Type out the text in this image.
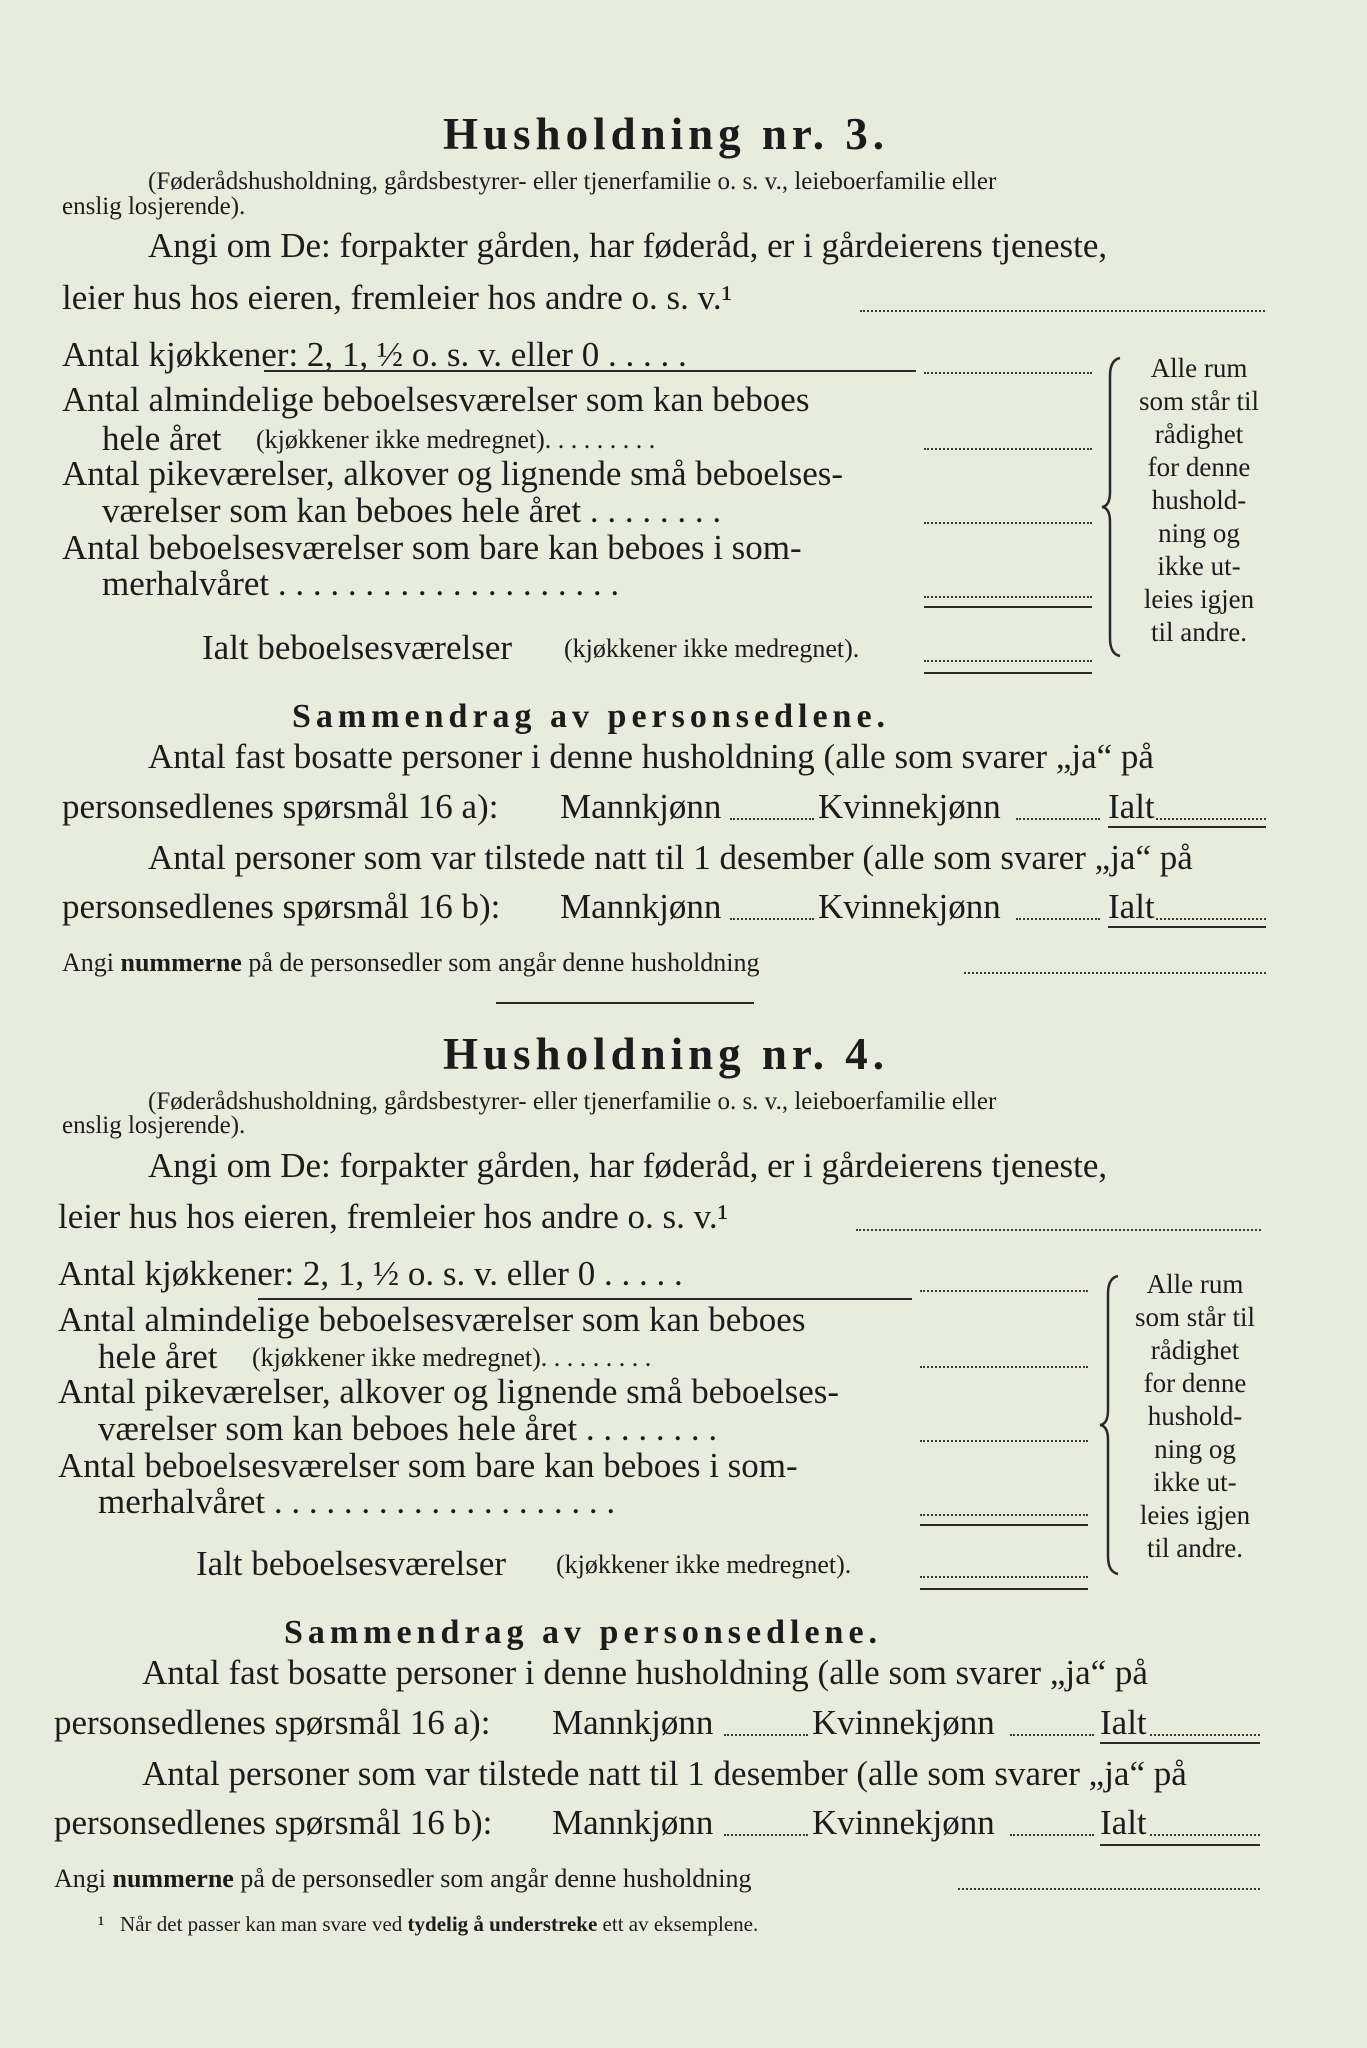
Husholdning nr. 3.
(Føderådshusholdning, gårdsbestyrer- eller tjenerfamilie o. s. v., leieboerfamilie eller
enslig losjerende).
Angi om De: forpakter gården, har føderåd, er i gårdeierens tjeneste,
leier hus hos eieren, fremleier hos andre o. s. v.¹
Antal kjøkkener: 2, 1, ½ o. s. v. eller 0 . . . . .
Antal almindelige beboelsesværelser som kan beboes
hele året (kjøkkener ikke medregnet). . . . . . . . .
Antal pikeværelser, alkover og lignende små beboelses-
værelser som kan beboes hele året . . . . . . . .
Antal beboelsesværelser som bare kan beboes i som-
merhalvåret . . . . . . . . . . . . . . . . . . . .
Ialt beboelsesværelser (kjøkkener ikke medregnet).
Alle rum
som står til
rådighet
for denne
hushold-
ning og
ikke ut-
leies igjen
til andre.
Sammendrag av personsedlene.
Antal fast bosatte personer i denne husholdning (alle som svarer „ja“ på
personsedlenes spørsmål 16 a): Mannkjønn	Kvinnekjønn	Ialt
Antal personer som var tilstede natt til 1 desember (alle som svarer „ja“ på
personsedlenes spørsmål 16 b): Mannkjønn	Kvinnekjønn	Ialt
Angi nummerne på de personsedler som angår denne husholdning
Husholdning nr. 4.
(Føderådshusholdning, gårdsbestyrer- eller tjenerfamilie o. s. v., leieboerfamilie eller
enslig losjerende).
Angi om De: forpakter gården, har føderåd, er i gårdeierens tjeneste,
leier hus hos eieren, fremleier hos andre o. s. v.¹
Antal kjøkkener: 2, 1, ½ o. s. v. eller 0 . . . . .
Antal almindelige beboelsesværelser som kan beboes
hele året (kjøkkener ikke medregnet). . . . . . . . .
Antal pikeværelser, alkover og lignende små beboelses-
værelser som kan beboes hele året . . . . . . . .
Antal beboelsesværelser som bare kan beboes i som-
merhalvåret . . . . . . . . . . . . . . . . . . . .
Ialt beboelsesværelser (kjøkkener ikke medregnet).
Alle rum
som står til
rådighet
for denne
hushold-
ning og
ikke ut-
leies igjen
til andre.
Sammendrag av personsedlene.
Antal fast bosatte personer i denne husholdning (alle som svarer „ja“ på
personsedlenes spørsmål 16 a): Mannkjønn	Kvinnekjønn	Ialt
Antal personer som var tilstede natt til 1 desember (alle som svarer „ja“ på
personsedlenes spørsmål 16 b): Mannkjønn	Kvinnekjønn	Ialt
Angi nummerne på de personsedler som angår denne husholdning
¹ Når det passer kan man svare ved tydelig å understreke ett av eksemplene.
